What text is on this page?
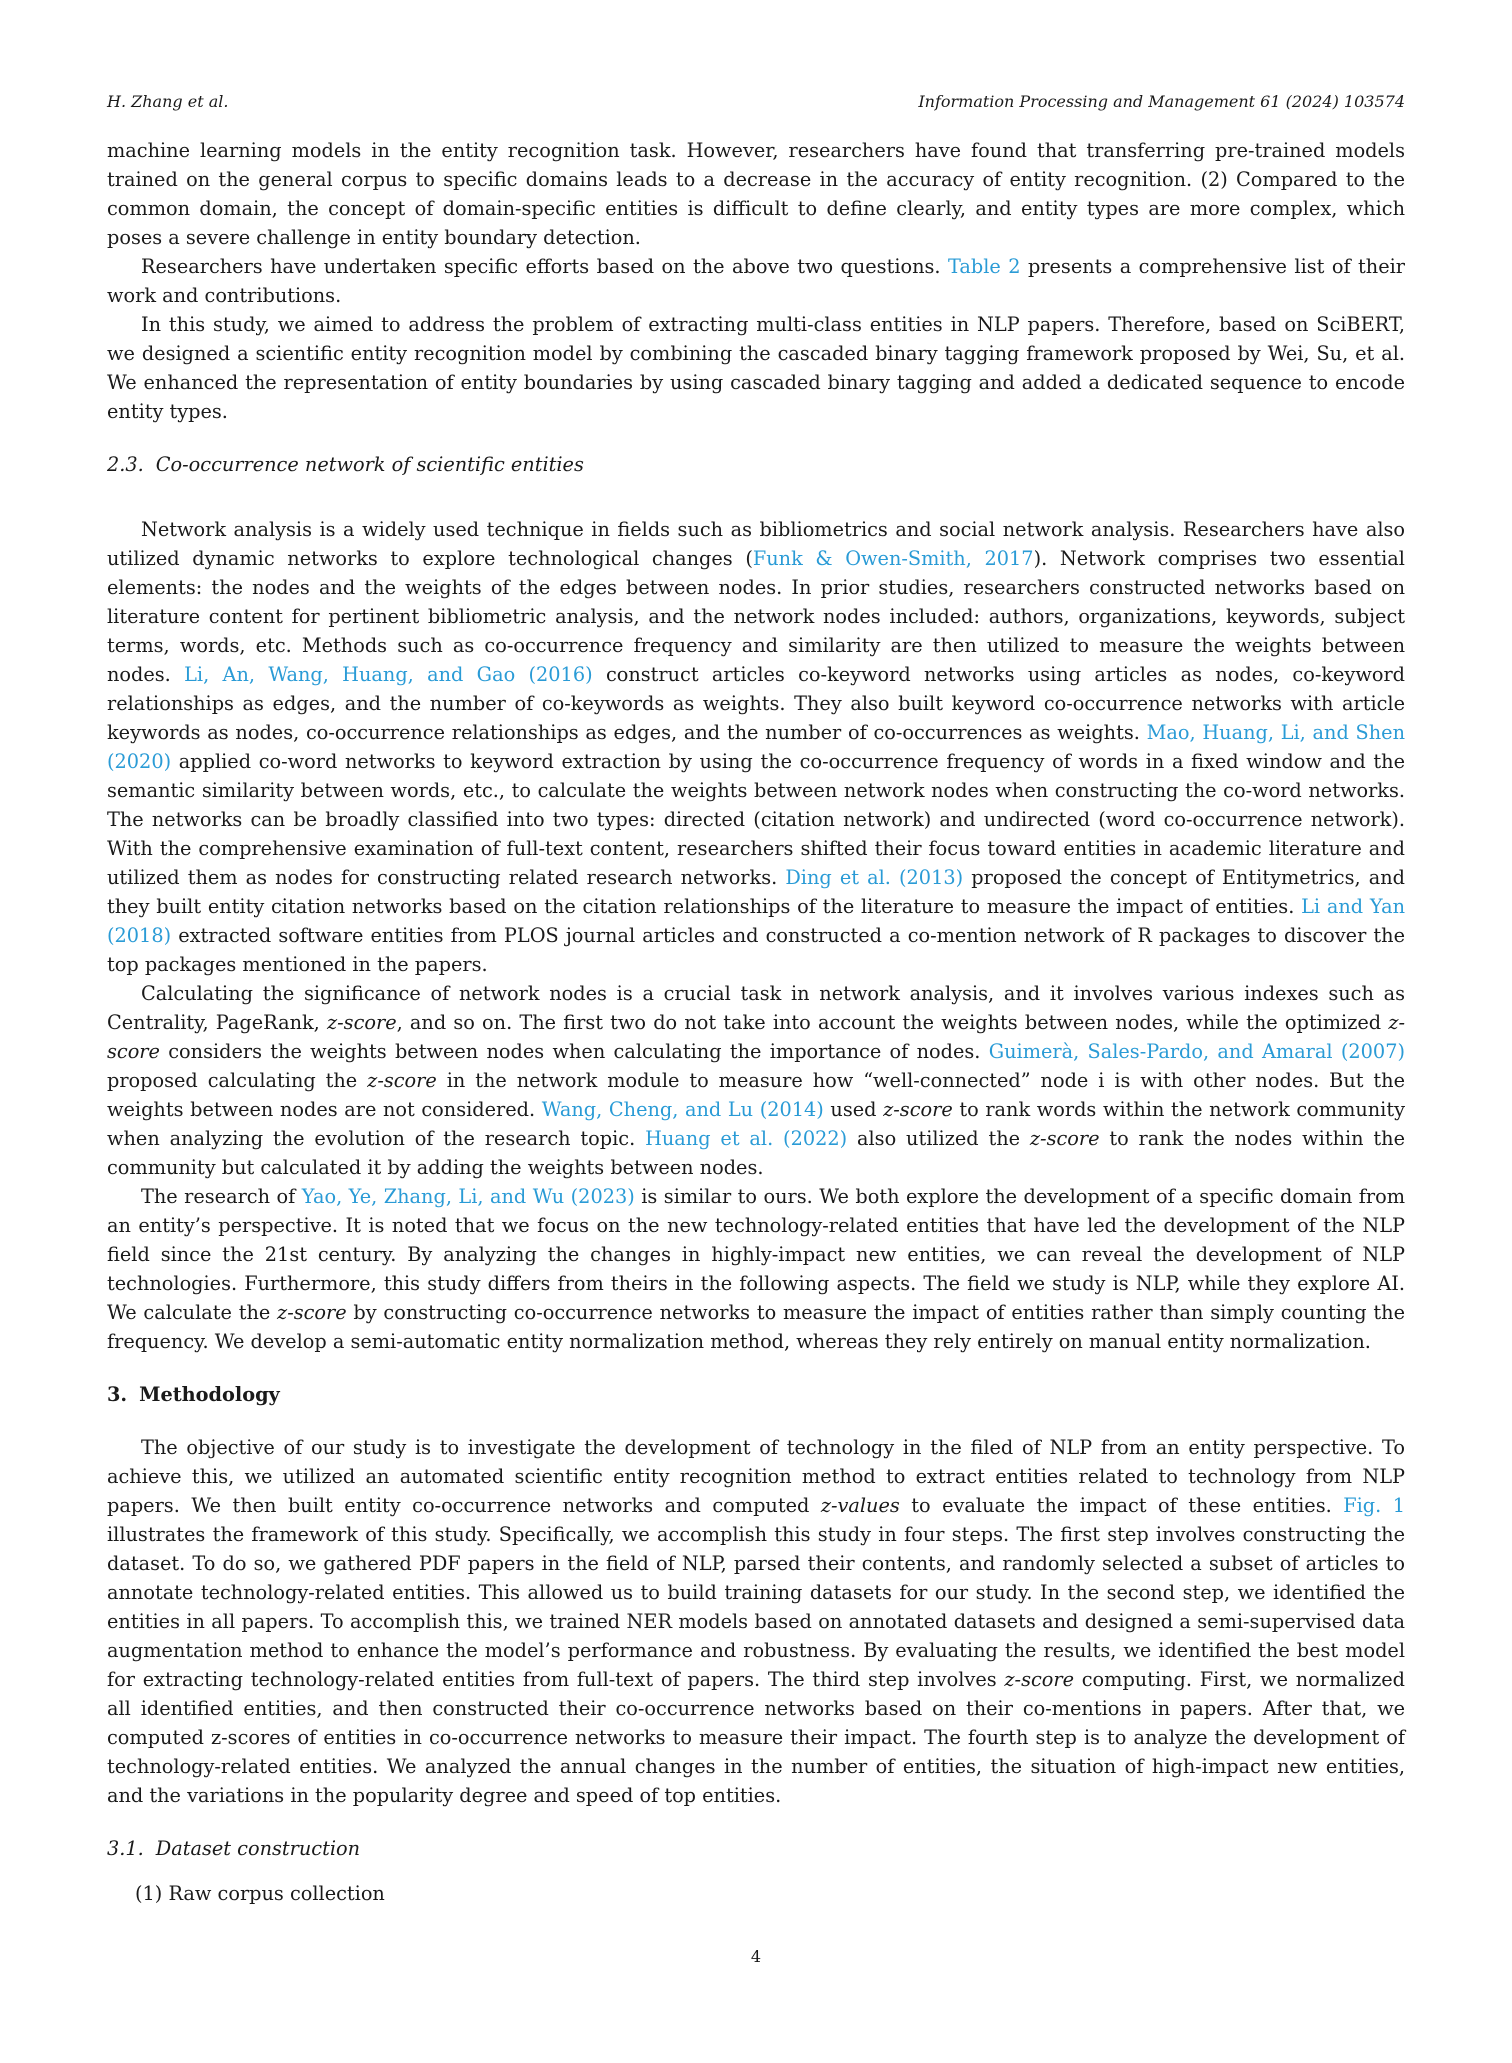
H. Zhang et al.	Information Processing and Management 61 (2024) 103574

machine learning models in the entity recognition task. However, researchers have found that transferring pre-trained models trained on the general corpus to specific domains leads to a decrease in the accuracy of entity recognition. (2) Compared to the common domain, the concept of domain-specific entities is difficult to define clearly, and entity types are more complex, which poses a severe challenge in entity boundary detection.

Researchers have undertaken specific efforts based on the above two questions. Table 2 presents a comprehensive list of their work and contributions.

In this study, we aimed to address the problem of extracting multi-class entities in NLP papers. Therefore, based on SciBERT, we designed a scientific entity recognition model by combining the cascaded binary tagging framework proposed by Wei, Su, et al. We enhanced the representation of entity boundaries by using cascaded binary tagging and added a dedicated sequence to encode entity types.

2.3. Co-occurrence network of scientific entities

Network analysis is a widely used technique in fields such as bibliometrics and social network analysis. Researchers have also utilized dynamic networks to explore technological changes (Funk & Owen-Smith, 2017). Network comprises two essential elements: the nodes and the weights of the edges between nodes. In prior studies, researchers constructed networks based on literature content for pertinent bibliometric analysis, and the network nodes included: authors, organizations, keywords, subject terms, words, etc. Methods such as co-occurrence frequency and similarity are then utilized to measure the weights between nodes. Li, An, Wang, Huang, and Gao (2016) construct articles co-keyword networks using articles as nodes, co-keyword relationships as edges, and the number of co-keywords as weights. They also built keyword co-occurrence networks with article keywords as nodes, co-occurrence relationships as edges, and the number of co-occurrences as weights. Mao, Huang, Li, and Shen (2020) applied co-word networks to keyword extraction by using the co-occurrence frequency of words in a fixed window and the semantic similarity between words, etc., to calculate the weights between network nodes when constructing the co-word networks. The networks can be broadly classified into two types: directed (citation network) and undirected (word co-occurrence network). With the comprehensive examination of full-text content, researchers shifted their focus toward entities in academic literature and utilized them as nodes for constructing related research networks. Ding et al. (2013) proposed the concept of Entitymetrics, and they built entity citation networks based on the citation relationships of the literature to measure the impact of entities. Li and Yan (2018) extracted software entities from PLOS journal articles and constructed a co-mention network of R packages to discover the top packages mentioned in the papers.

Calculating the significance of network nodes is a crucial task in network analysis, and it involves various indexes such as Centrality, PageRank, z-score, and so on. The first two do not take into account the weights between nodes, while the optimized z-score considers the weights between nodes when calculating the importance of nodes. Guimerà, Sales-Pardo, and Amaral (2007) proposed calculating the z-score in the network module to measure how “well-connected” node i is with other nodes. But the weights between nodes are not considered. Wang, Cheng, and Lu (2014) used z-score to rank words within the network community when analyzing the evolution of the research topic. Huang et al. (2022) also utilized the z-score to rank the nodes within the community but calculated it by adding the weights between nodes.

The research of Yao, Ye, Zhang, Li, and Wu (2023) is similar to ours. We both explore the development of a specific domain from an entity’s perspective. It is noted that we focus on the new technology-related entities that have led the development of the NLP field since the 21st century. By analyzing the changes in highly-impact new entities, we can reveal the development of NLP technologies. Furthermore, this study differs from theirs in the following aspects. The field we study is NLP, while they explore AI. We calculate the z-score by constructing co-occurrence networks to measure the impact of entities rather than simply counting the frequency. We develop a semi-automatic entity normalization method, whereas they rely entirely on manual entity normalization.

3. Methodology

The objective of our study is to investigate the development of technology in the filed of NLP from an entity perspective. To achieve this, we utilized an automated scientific entity recognition method to extract entities related to technology from NLP papers. We then built entity co-occurrence networks and computed z-values to evaluate the impact of these entities. Fig. 1 illustrates the framework of this study. Specifically, we accomplish this study in four steps. The first step involves constructing the dataset. To do so, we gathered PDF papers in the field of NLP, parsed their contents, and randomly selected a subset of articles to annotate technology-related entities. This allowed us to build training datasets for our study. In the second step, we identified the entities in all papers. To accomplish this, we trained NER models based on annotated datasets and designed a semi-supervised data augmentation method to enhance the model’s performance and robustness. By evaluating the results, we identified the best model for extracting technology-related entities from full-text of papers. The third step involves z-score computing. First, we normalized all identified entities, and then constructed their co-occurrence networks based on their co-mentions in papers. After that, we computed z-scores of entities in co-occurrence networks to measure their impact. The fourth step is to analyze the development of technology-related entities. We analyzed the annual changes in the number of entities, the situation of high-impact new entities, and the variations in the popularity degree and speed of top entities.

3.1. Dataset construction
(1) Raw corpus collection
4
